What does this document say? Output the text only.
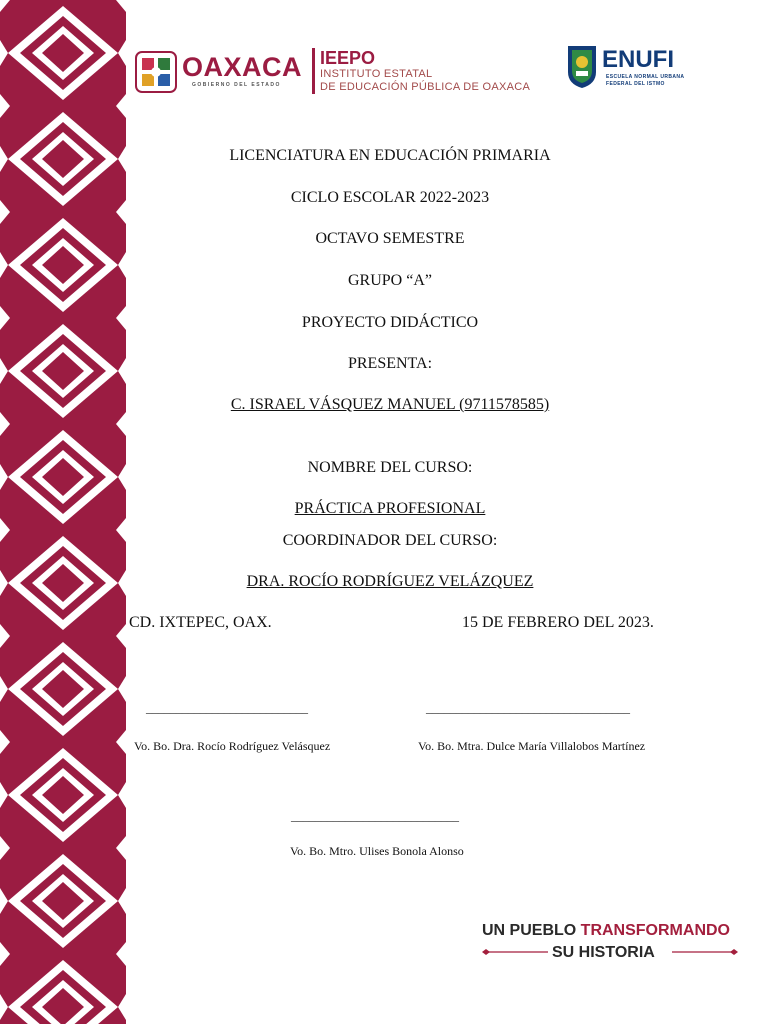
OAXACA
GOBIERNO DEL ESTADO
IEEPO
INSTITUTO ESTATAL
DE EDUCACIÓN PÚBLICA DE OAXACA
ENUFI
ESCUELA NORMAL URBANA
FEDERAL DEL ISTMO
LICENCIATURA EN EDUCACIÓN PRIMARIA
CICLO ESCOLAR 2022-2023
OCTAVO SEMESTRE
GRUPO “A”
PROYECTO DIDÁCTICO
PRESENTA:
C. ISRAEL VÁSQUEZ MANUEL (9711578585)
NOMBRE DEL CURSO:
PRÁCTICA PROFESIONAL
COORDINADOR DEL CURSO:
DRA. ROCÍO RODRÍGUEZ VELÁZQUEZ
CD. IXTEPEC, OAX.	15 DE FEBRERO DEL 2023.
___________________________	__________________________________
Vo. Bo. Dra. Rocío Rodríguez Velásquez	Vo. Bo. Mtra. Dulce María Villalobos Martínez
____________________________
Vo. Bo. Mtro. Ulises Bonola Alonso
UN PUEBLO TRANSFORMANDO
SU HISTORIA
